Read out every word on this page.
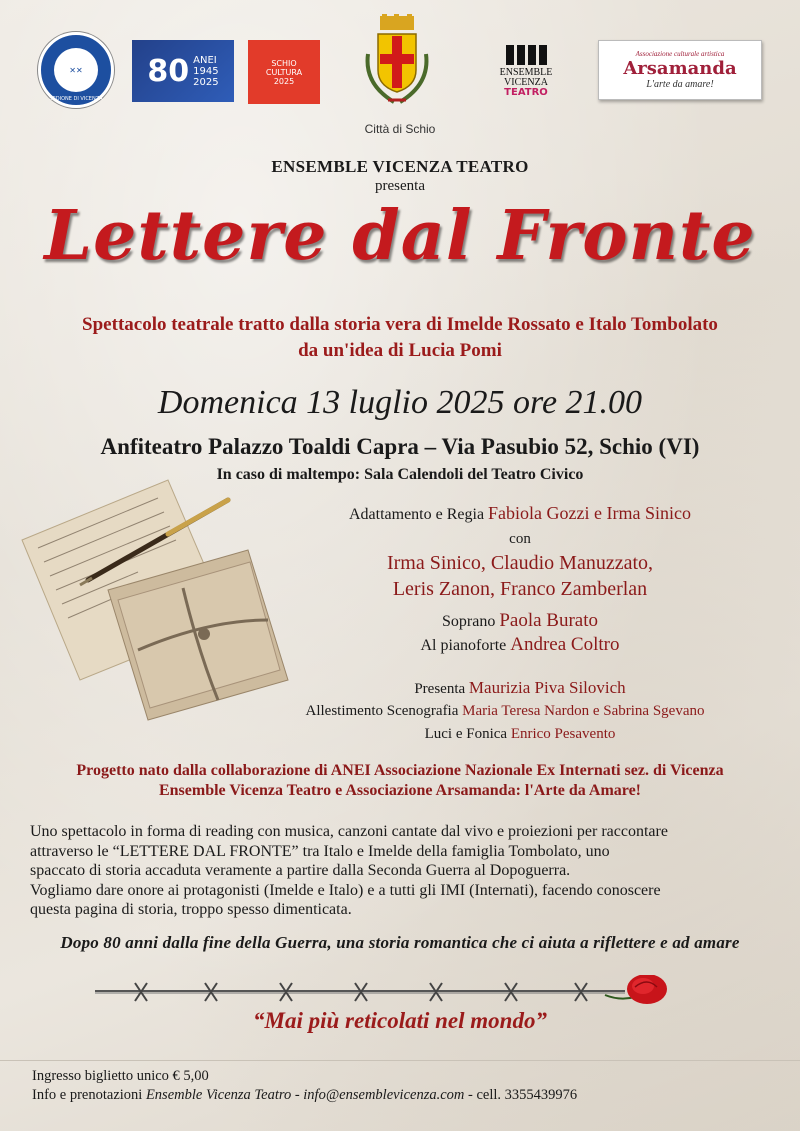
✕✕
SEDIONE DI VICENZA
80 ANEI
1945
2025
SCHIO
CULTURA
2025
Città di Schio
ENSEMBLE
VICENZA
TEATRO
Associazione culturale artistica
Arsamanda
L'arte da amare!
ENSEMBLE VICENZA TEATRO
presenta
Lettere dal Fronte
Spettacolo teatrale tratto dalla storia vera di Imelde Rossato e Italo Tombolato
da un'idea di Lucia Pomi
Domenica 13 luglio 2025 ore 21.00
Anfiteatro Palazzo Toaldi Capra – Via Pasubio 52, Schio (VI)
In caso di maltempo: Sala Calendoli del Teatro Civico
Adattamento e Regia Fabiola Gozzi e Irma Sinico
con
Irma Sinico, Claudio Manuzzato,
Leris Zanon, Franco Zamberlan
Soprano Paola Burato
Al pianoforte Andrea Coltro
Presenta Maurizia Piva Silovich
Allestimento Scenografia Maria Teresa Nardon e Sabrina Sgevano
Luci e Fonica Enrico Pesavento
Progetto nato dalla collaborazione di ANEI Associazione Nazionale Ex Internati sez. di Vicenza
Ensemble Vicenza Teatro e Associazione Arsamanda: l'Arte da Amare!

Uno spettacolo in forma di reading con musica, canzoni cantate dal vivo e proiezioni per raccontare

attraverso le “LETTERE DAL FRONTE” tra Italo e Imelde della famiglia Tombolato, uno

spaccato di storia accaduta veramente a partire dalla Seconda Guerra al Dopoguerra.

Vogliamo dare onore ai protagonisti (Imelde e Italo) e a tutti gli IMI (Internati), facendo conoscere

questa pagina di storia, troppo spesso dimenticata.

Dopo 80 anni dalla fine della Guerra, una storia romantica che ci aiuta a riflettere e ad amare
“Mai più reticolati nel mondo”
Ingresso biglietto unico € 5,00
Info e prenotazioni Ensemble Vicenza Teatro - info@ensemblevicenza.com - cell. 3355439976
